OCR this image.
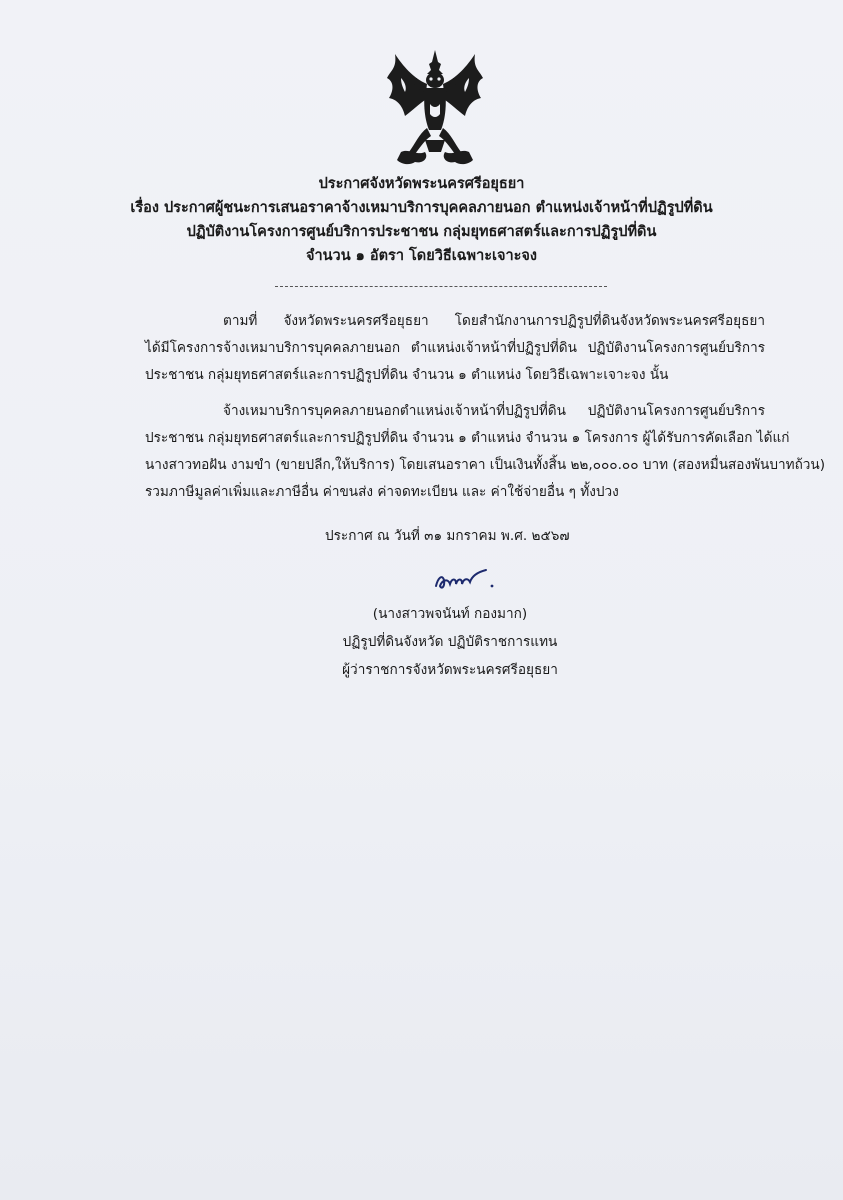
ประกาศจังหวัดพระนครศรีอยุธยา
เรื่อง ประกาศผู้ชนะการเสนอราคาจ้างเหมาบริการบุคคลภายนอก ตำแหน่งเจ้าหน้าที่ปฏิรูปที่ดิน
ปฏิบัติงานโครงการศูนย์บริการประชาชน กลุ่มยุทธศาสตร์และการปฏิรูปที่ดิน
จำนวน ๑ อัตรา โดยวิธีเฉพาะเจาะจง
ตามที่ จังหวัดพระนครศรีอยุธยา โดยสำนักงานการปฏิรูปที่ดินจังหวัดพระนครศรีอยุธยา
ได้มีโครงการจ้างเหมาบริการบุคคลภายนอก ตำแหน่งเจ้าหน้าที่ปฏิรูปที่ดิน ปฏิบัติงานโครงการศูนย์บริการ
ประชาชน กลุ่มยุทธศาสตร์และการปฏิรูปที่ดิน จำนวน ๑ ตำแหน่ง โดยวิธีเฉพาะเจาะจง นั้น
จ้างเหมาบริการบุคคลภายนอกตำแหน่งเจ้าหน้าที่ปฏิรูปที่ดิน ปฏิบัติงานโครงการศูนย์บริการ
ประชาชน กลุ่มยุทธศาสตร์และการปฏิรูปที่ดิน จำนวน ๑ ตำแหน่ง จำนวน ๑ โครงการ ผู้ได้รับการคัดเลือก ได้แก่
นางสาวทอฝัน งามขำ (ขายปลีก,ให้บริการ) โดยเสนอราคา เป็นเงินทั้งสิ้น ๒๒,๐๐๐.๐๐ บาท (สองหมื่นสองพันบาทถ้วน)
รวมภาษีมูลค่าเพิ่มและภาษีอื่น ค่าขนส่ง ค่าจดทะเบียน และ ค่าใช้จ่ายอื่น ๆ ทั้งปวง
ประกาศ ณ วันที่ ๓๑ มกราคม พ.ศ. ๒๕๖๗
(นางสาวพจนันท์ กองมาก)
ปฏิรูปที่ดินจังหวัด ปฏิบัติราชการแทน
ผู้ว่าราชการจังหวัดพระนครศรีอยุธยา
